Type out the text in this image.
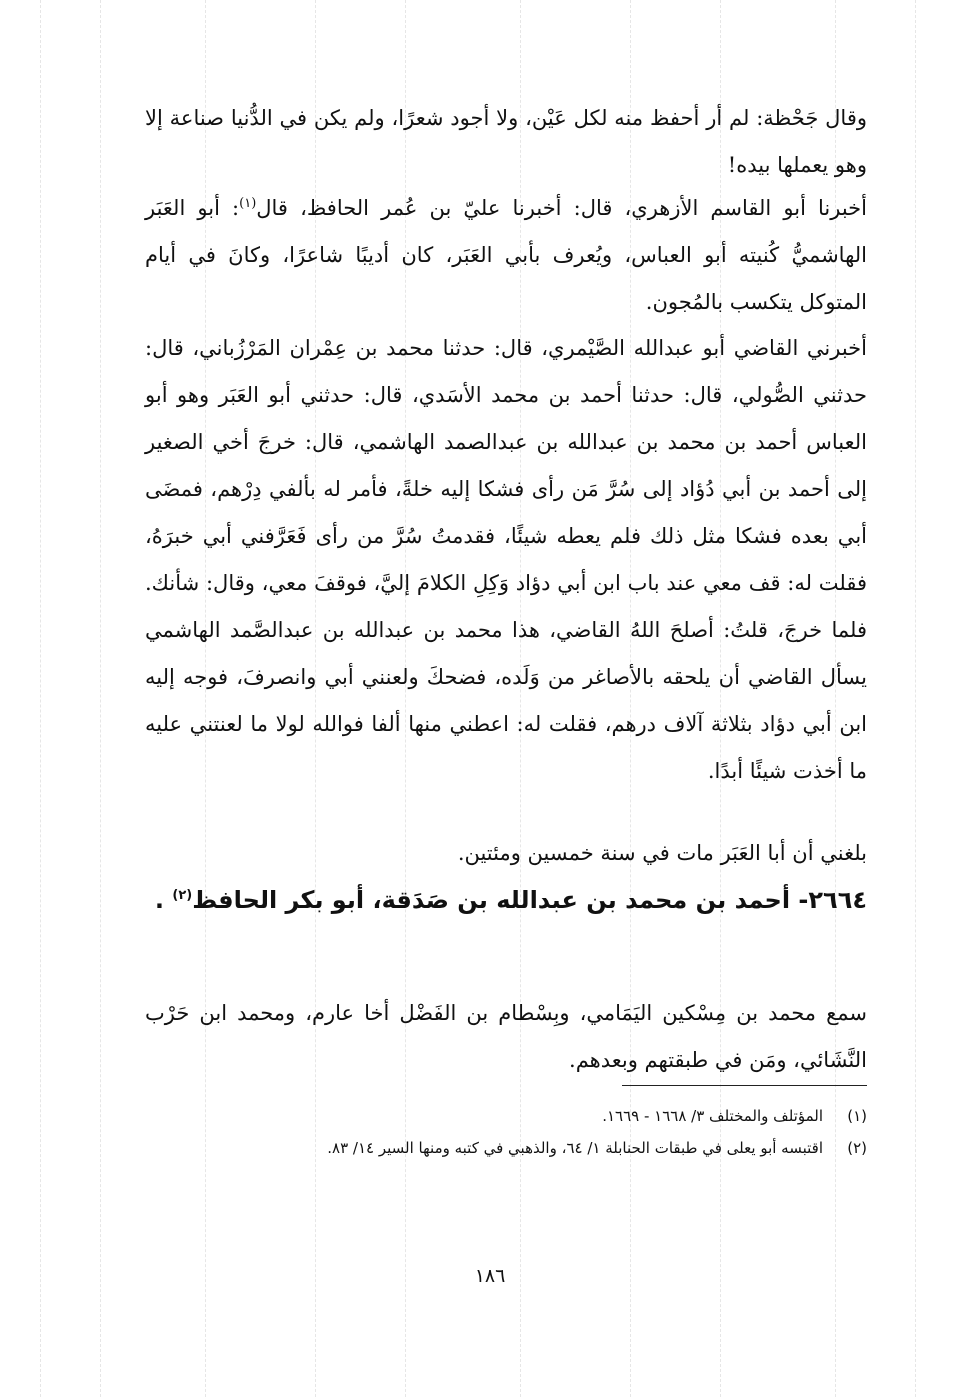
وقال جَحْظة: لم أر أحفظ منه لكل عَيْن، ولا أجود شعرًا، ولم يكن في الدُّنيا صناعة إلا وهو يعملها بيده!

أخبرنا أبو القاسم الأزهري، قال: أخبرنا عليّ بن عُمر الحافظ، قال$^{(١)}$: أبو العَبَر الهاشميُّ كُنيته أبو العباس، ويُعرف بأبي العَبَر، كان أديبًا شاعرًا، وكانَ في أيام المتوكل يتكسب بالمُجون.

أخبرني القاضي أبو عبدالله الصَّيْمري، قال: حدثنا محمد بن عِمْران المَرْزُباني، قال: حدثني الصُّولي، قال: حدثنا أحمد بن محمد الأسَدي، قال: حدثني أبو العَبَر وهو أبو العباس أحمد بن محمد بن عبدالله بن عبدالصمد الهاشمي، قال: خرجَ أخي الصغير إلى أحمد بن أبي دُؤاد إلى سُرَّ مَن رأى فشكا إليه خلةً، فأمر له بألفي دِرْهم، فمضَى أبي بعده فشكا مثل ذلك فلم يعطه شيئًا، فقدمتُ سُرَّ من رأى فَعَرَّفني أبي خبرَهُ، فقلت له: قف معي عند باب ابن أبي دؤاد وَكِلِ الكلامَ إليَّ، فوقفَ معي، وقال: شأنك. فلما خرجَ، قلتُ: أصلحَ اللهُ القاضي، هذا محمد بن عبدالله بن عبدالصَّمد الهاشمي يسأل القاضي أن يلحقه بالأصاغر من وَلَده، فضحكَ ولعنني أبي وانصرفَ، فوجه إليه ابن أبي دؤاد بثلاثة آلاف درهم، فقلت له: اعطني منها ألفا فوالله لولا ما لعنتني عليه ما أخذت شيئًا أبدًا.

بلغني أن أبا العَبَر مات في سنة خمسين ومئتين.

٢٦٦٤- أحمد بن محمد بن عبدالله بن صَدَقة، أبو بكر الحافظ$^{(٢)}$ .

سمع محمد بن مِسْكين اليَمَامي، وبِسْطام بن الفَضْل أخا عارم، ومحمد ابن حَرْب النَّشَائي، ومَن في طبقتهم وبعدهم.

(١)المؤتلف والمختلف ٣/ ١٦٦٨ - ١٦٦٩.

(٢)اقتبسه أبو يعلى في طبقات الحنابلة ١/ ٦٤، والذهبي في كتبه ومنها السير ١٤/ ٨٣.

١٨٦
